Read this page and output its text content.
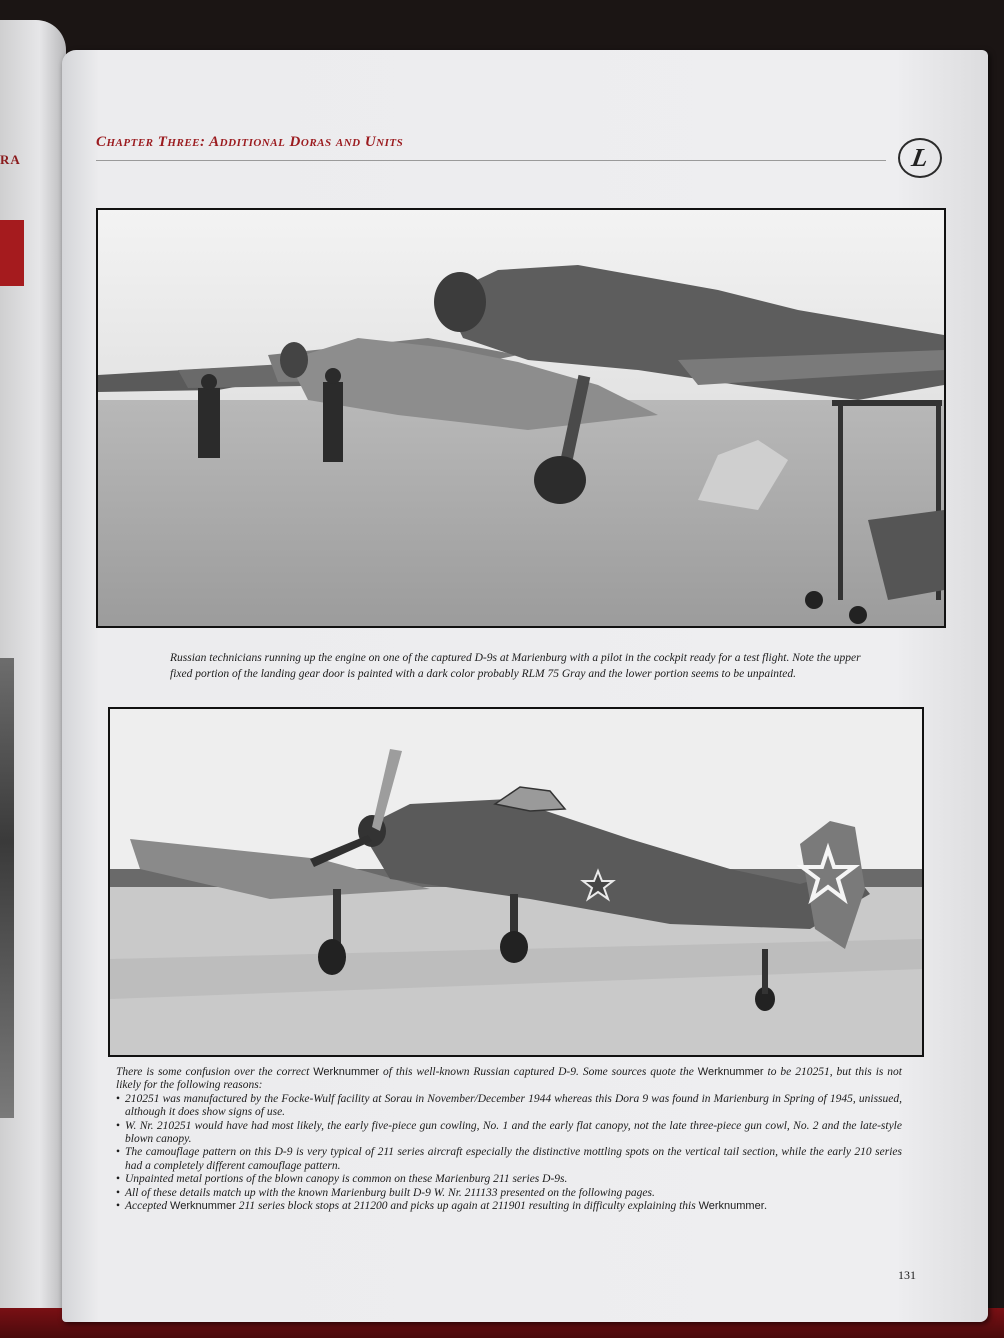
RA
Chapter Three: Additional Doras and Units
L

Russian technicians running up the engine on one of the captured D-9s at Marienburg with a pilot in the cockpit ready for a test flight. Note the upper fixed portion of the landing gear door is painted with a dark color probably RLM 75 Gray and the lower portion seems to be unpainted.

There is some confusion over the correct Werknummer of this well-known Russian captured D-9. Some sources quote the Werknummer to be 210251, but this is not likely for the following reasons:

• 210251 was manufactured by the Focke-Wulf facility at Sorau in November/December 1944 whereas this Dora 9 was found in Marienburg in Spring of 1945, unissued, although it does show signs of use.
• W. Nr. 210251 would have had most likely, the early five-piece gun cowling, No. 1 and the early flat canopy, not the late three-piece gun cowl, No. 2 and the late-style blown canopy.
• The camouflage pattern on this D-9 is very typical of 211 series aircraft especially the distinctive mottling spots on the vertical tail section, while the early 210 series had a completely different camouflage pattern.
• Unpainted metal portions of the blown canopy is common on these Marienburg 211 series D-9s.
• All of these details match up with the known Marienburg built D-9 W. Nr. 211133 presented on the following pages.
• Accepted Werknummer 211 series block stops at 211200 and picks up again at 211901 resulting in difficulty explaining this Werknummer.
131
